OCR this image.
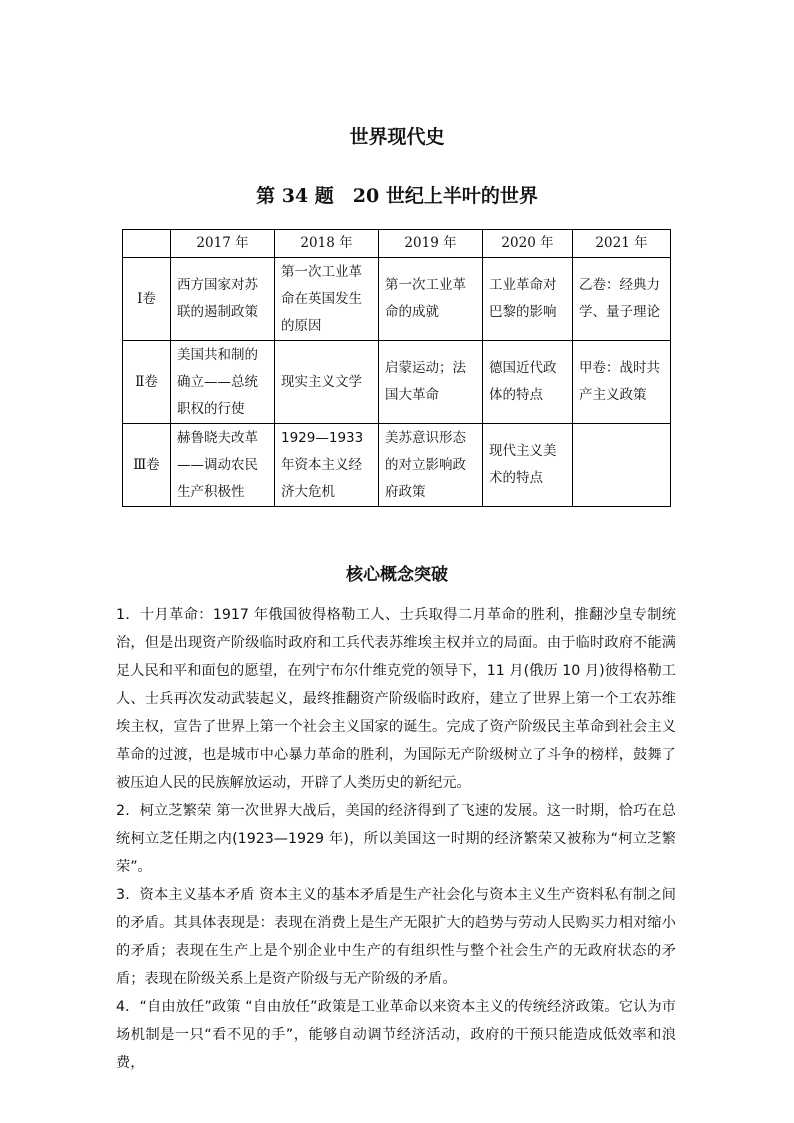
世界现代史
第 34 题　20 世纪上半叶的世界
	2017 年	2018 年	2019 年	2020 年	2021 年
Ⅰ卷	西方国家对苏联的遏制政策	第一次工业革命在英国发生的原因	第一次工业革命的成就	工业革命对巴黎的影响	乙卷：经典力学、量子理论
Ⅱ卷	美国共和制的确立——总统职权的行使	现实主义文学	启蒙运动；法国大革命	德国近代政体的特点	甲卷：战时共产主义政策
Ⅲ卷	赫鲁晓夫改革——调动农民生产积极性	1929—1933 年资本主义经济大危机	美苏意识形态的对立影响政府政策	现代主义美术的特点	
核心概念突破

1．十月革命：1917 年俄国彼得格勒工人、士兵取得二月革命的胜利，推翻沙皇专制统治，但是出现资产阶级临时政府和工兵代表苏维埃主权并立的局面。由于临时政府不能满足人民和平和面包的愿望，在列宁布尔什维克党的领导下，11 月(俄历 10 月)彼得格勒工人、士兵再次发动武装起义，最终推翻资产阶级临时政府，建立了世界上第一个工农苏维埃主权，宣告了世界上第一个社会主义国家的诞生。完成了资产阶级民主革命到社会主义革命的过渡，也是城市中心暴力革命的胜利，为国际无产阶级树立了斗争的榜样，鼓舞了被压迫人民的民族解放运动，开辟了人类历史的新纪元。

2．柯立芝繁荣 第一次世界大战后，美国的经济得到了飞速的发展。这一时期，恰巧在总统柯立芝任期之内(1923—1929 年)，所以美国这一时期的经济繁荣又被称为“柯立芝繁荣”。

3．资本主义基本矛盾 资本主义的基本矛盾是生产社会化与资本主义生产资料私有制之间的矛盾。其具体表现是：表现在消费上是生产无限扩大的趋势与劳动人民购买力相对缩小的矛盾；表现在生产上是个别企业中生产的有组织性与整个社会生产的无政府状态的矛盾；表现在阶级关系上是资产阶级与无产阶级的矛盾。

4．“自由放任”政策 “自由放任”政策是工业革命以来资本主义的传统经济政策。它认为市场机制是一只“看不见的手”，能够自动调节经济活动，政府的干预只能造成低效率和浪费，
